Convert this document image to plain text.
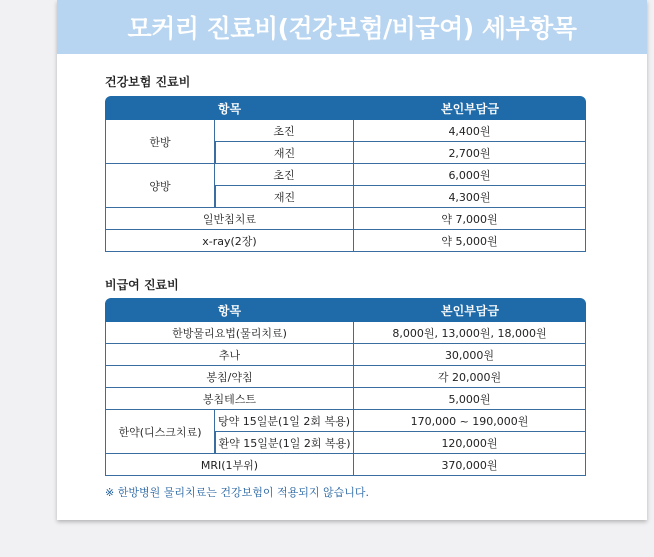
모커리 진료비(건강보험/비급여) 세부항목
건강보험 진료비
항목		본인부담금
한방	초진	4,400원
	재진	2,700원
양방	초진	6,000원
	재진	4,300원
일반침치료		약 7,000원
x-ray(2장)		약 5,000원
비급여 진료비
항목		본인부담금
한방물리요법(물리치료)		8,000원, 13,000원, 18,000원
추나		30,000원
봉침/약침		각 20,000원
봉침테스트		5,000원
한약(디스크치료)	탕약 15일분(1일 2회 복용)	170,000 ~ 190,000원
	환약 15일분(1일 2회 복용)	120,000원
MRI(1부위)		370,000원
※ 한방병원 물리치료는 건강보험이 적용되지 않습니다.
